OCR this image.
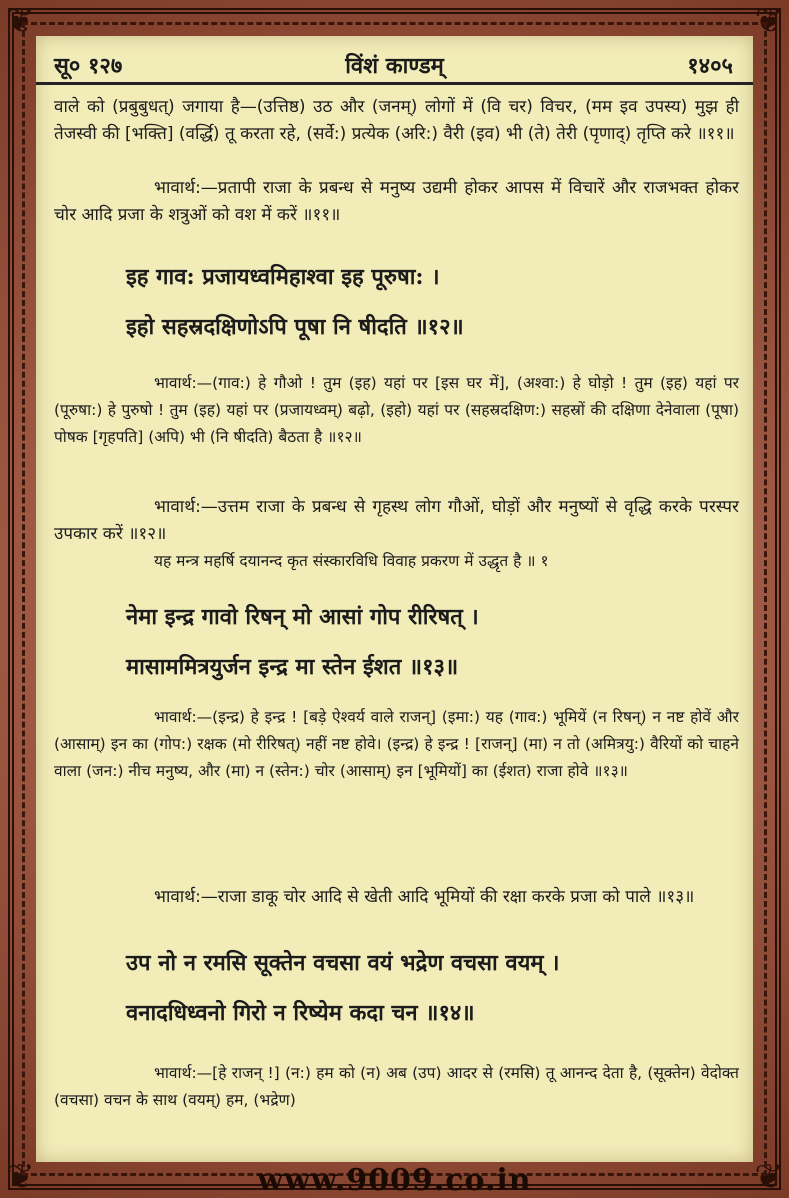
❦	❦
❦	❦
सू० १२७	विंशं काण्डम्	१४०५
वाले को (प्रबुबुधत्) जगाया है—(उत्तिष्ठ) उठ और (जनम्) लोगों में (वि चर) विचर, (मम इव उपस्य) मुझ ही तेजस्वी की [भक्ति] (वर्द्धि) तू करता रहे, (सर्वे:) प्रत्येक (अरि:) वैरी (इव) भी (ते) तेरी (पृणाद्) तृप्ति करे ॥११॥
भावार्थ:—प्रतापी राजा के प्रबन्ध से मनुष्य उद्यमी होकर आपस में विचारें और राजभक्त होकर चोर आदि प्रजा के शत्रुओं को वश में करें ॥११॥
इह गाव: प्रजायध्वमिहाश्वा इह पूरुषा: ।
इहो सहस्रदक्षिणोऽपि पूषा नि षीदति ॥१२॥
भावार्थ:—(गाव:) हे गौओ ! तुम (इह) यहां पर [इस घर में], (अश्वा:) हे घोड़ो ! तुम (इह) यहां पर (पूरुषा:) हे पुरुषो ! तुम (इह) यहां पर (प्रजायध्वम्) बढ़ो, (इहो) यहां पर (सहस्रदक्षिण:) सहस्रों की दक्षिणा देनेवाला (पूषा) पोषक [गृहपति] (अपि) भी (नि षीदति) बैठता है ॥१२॥
भावार्थ:—उत्तम राजा के प्रबन्ध से गृहस्थ लोग गौओं, घोड़ों और मनुष्यों से वृद्धि करके परस्पर उपकार करें ॥१२॥
यह मन्त्र महर्षि दयानन्द कृत संस्कारविधि विवाह प्रकरण में उद्धृत है ॥ १
नेमा इन्द्र गावो रिषन् मो आसां गोप रीरिषत् ।
मासाममित्रयुर्जन इन्द्र मा स्तेन ईशत ॥१३॥
भावार्थ:—(इन्द्र) हे इन्द्र ! [बड़े ऐश्वर्य वाले राजन्] (इमा:) यह (गाव:) भूमियें (न रिषन्) न नष्ट होवें और (आसाम्) इन का (गोप:) रक्षक (मो रीरिषत्) नहीं नष्ट होवे। (इन्द्र) हे इन्द्र ! [राजन्] (मा) न तो (अमित्रयु:) वैरियों को चाहने वाला (जन:) नीच मनुष्य, और (मा) न (स्तेन:) चोर (आसाम्) इन [भूमियों] का (ईशत) राजा होवे ॥१३॥
भावार्थ:—राजा डाकू चोर आदि से खेती आदि भूमियों की रक्षा करके प्रजा को पाले ॥१३॥
उप नो न रमसि सूक्तेन वचसा वयं भद्रेण वचसा वयम् ।
वनादधिध्वनो गिरो न रिष्येम कदा चन ॥१४॥
भावार्थ:—[हे राजन् !] (न:) हम को (न) अब (उप) आदर से (रमसि) तू आनन्द देता है, (सूक्तेन) वेदोक्त (वचसा) वचन के साथ (वयम्) हम, (भद्रेण)
www.9009.co.in
